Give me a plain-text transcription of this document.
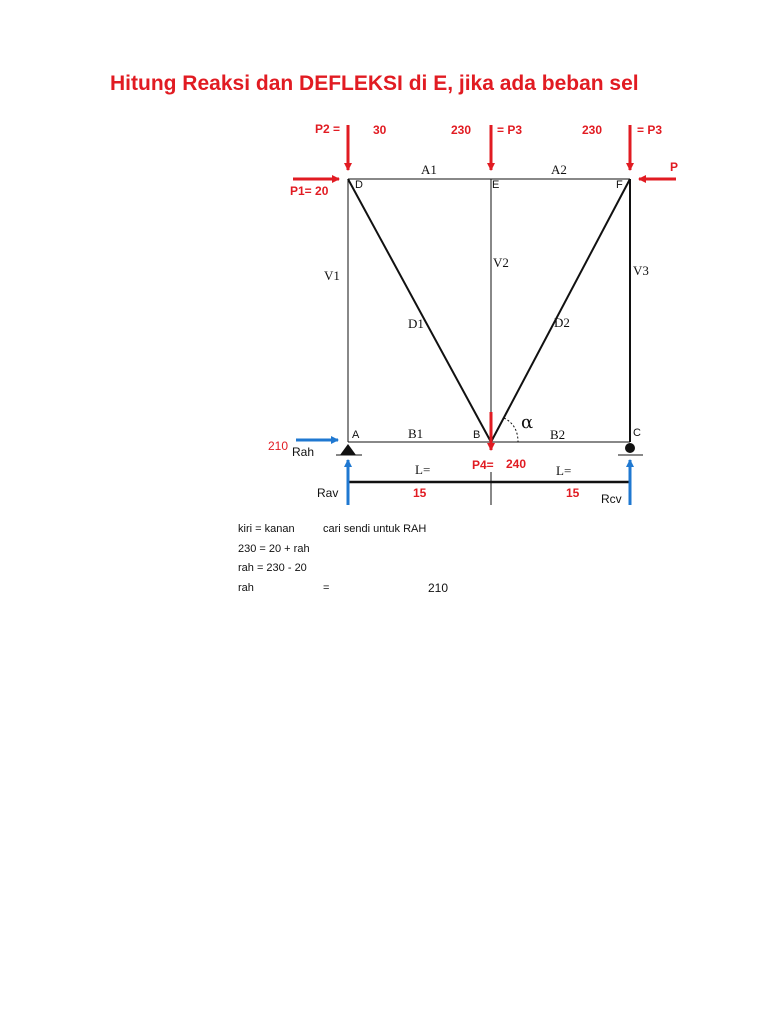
Hitung Reaksi dan DEFLEKSI di E, jika ada beban sel
P2 =	30	230 = P3	230	= P3
P1= 20
P
P4= 240
210
A1	A2
V1
V2
V3
D1	D2
B1	B2
α
A	B	C
D	E	F
Rah
Rav	Rcv
L=	L=
15	15
kiri = kanan	cari sendi untuk RAH
230 = 20 + rah
rah = 230 - 20
rah	=	210
